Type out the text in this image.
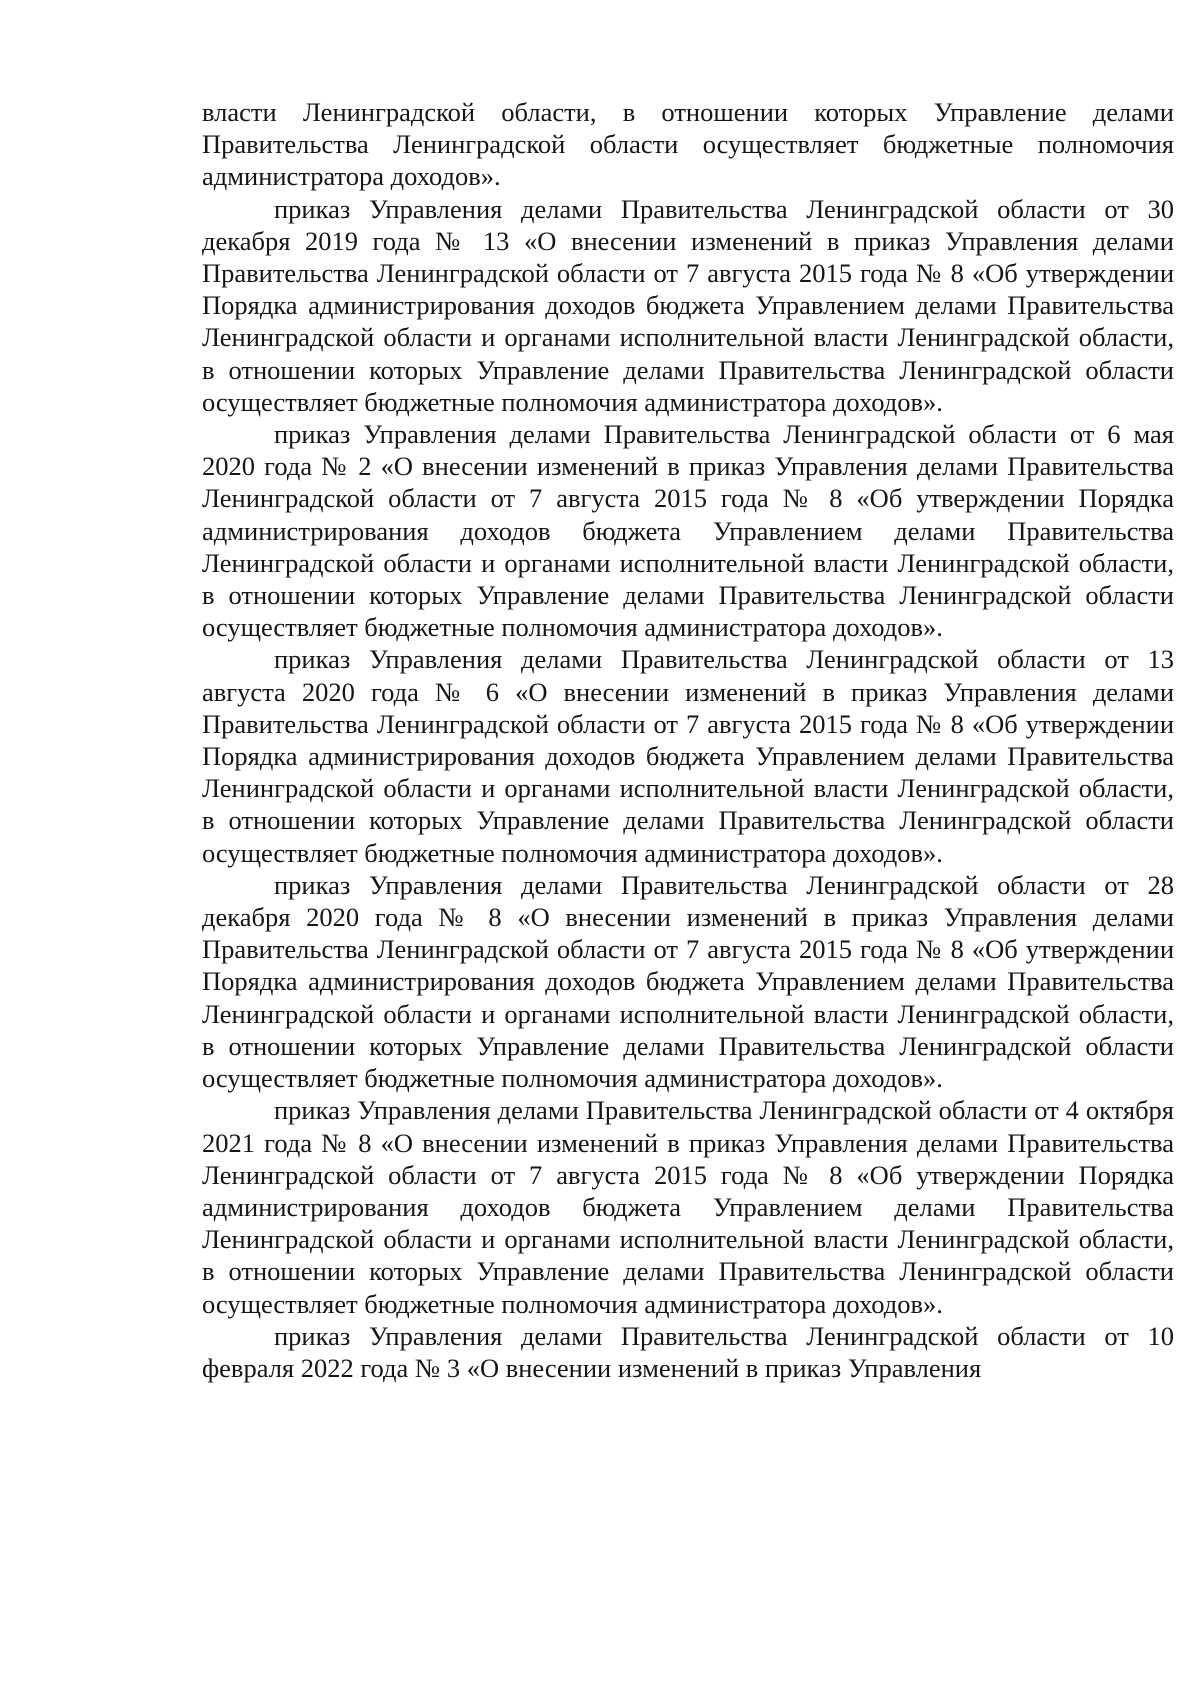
власти Ленинградской области, в отношении которых Управление делами Правительства Ленинградской области осуществляет бюджетные полномочия администратора доходов».

приказ Управления делами Правительства Ленинградской области от 30 декабря 2019 года № 13 «О внесении изменений в приказ Управления делами Правительства Ленинградской области от 7 августа 2015 года № 8 «Об утверждении Порядка администрирования доходов бюджета Управлением делами Правительства Ленинградской области и органами исполнительной власти Ленинградской области, в отношении которых Управление делами Правительства Ленинградской области осуществляет бюджетные полномочия администратора доходов».

приказ Управления делами Правительства Ленинградской области от 6 мая 2020 года № 2 «О внесении изменений в приказ Управления делами Правительства Ленинградской области от 7 августа 2015 года № 8 «Об утверждении Порядка администрирования доходов бюджета Управлением делами Правительства Ленинградской области и органами исполнительной власти Ленинградской области, в отношении которых Управление делами Правительства Ленинградской области осуществляет бюджетные полномочия администратора доходов».

приказ Управления делами Правительства Ленинградской области от 13 августа 2020 года № 6 «О внесении изменений в приказ Управления делами Правительства Ленинградской области от 7 августа 2015 года № 8 «Об утверждении Порядка администрирования доходов бюджета Управлением делами Правительства Ленинградской области и органами исполнительной власти Ленинградской области, в отношении которых Управление делами Правительства Ленинградской области осуществляет бюджетные полномочия администратора доходов».

приказ Управления делами Правительства Ленинградской области от 28 декабря 2020 года № 8 «О внесении изменений в приказ Управления делами Правительства Ленинградской области от 7 августа 2015 года № 8 «Об утверждении Порядка администрирования доходов бюджета Управлением делами Правительства Ленинградской области и органами исполнительной власти Ленинградской области, в отношении которых Управление делами Правительства Ленинградской области осуществляет бюджетные полномочия администратора доходов».

приказ Управления делами Правительства Ленинградской области от 4 октября 2021 года № 8 «О внесении изменений в приказ Управления делами Правительства Ленинградской области от 7 августа 2015 года № 8 «Об утверждении Порядка администрирования доходов бюджета Управлением делами Правительства Ленинградской области и органами исполнительной власти Ленинградской области, в отношении которых Управление делами Правительства Ленинградской области осуществляет бюджетные полномочия администратора доходов».

приказ Управления делами Правительства Ленинградской области от 10 февраля 2022 года № 3 «О внесении изменений в приказ Управления
